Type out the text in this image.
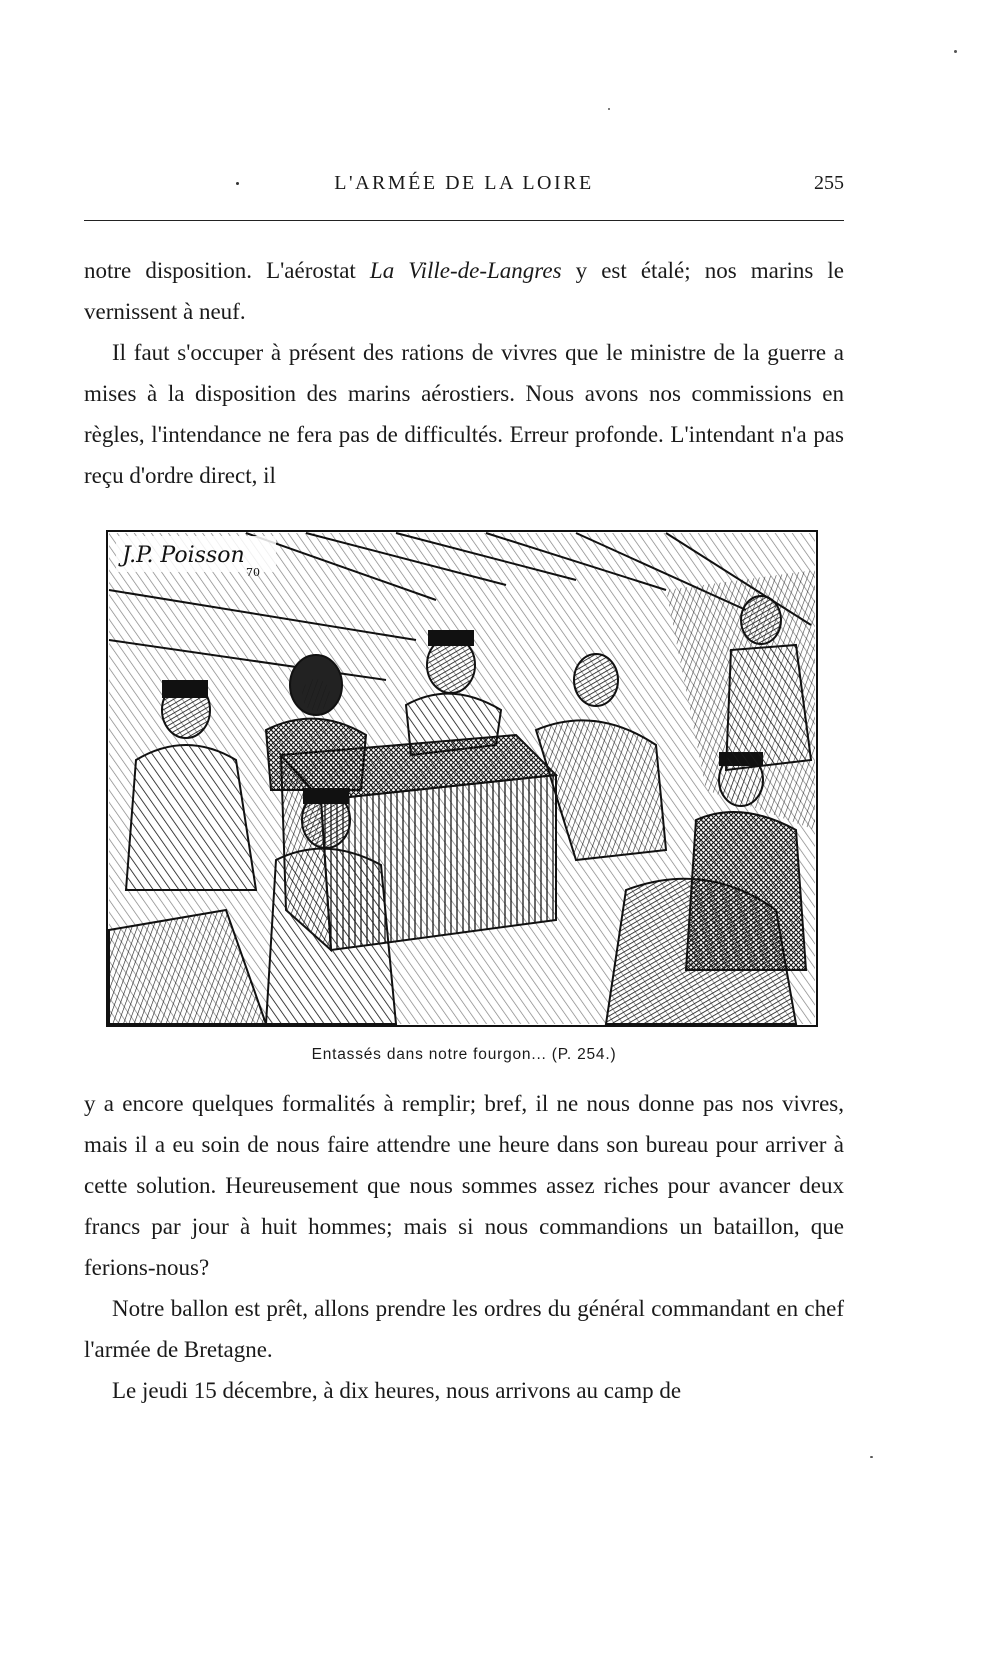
L'ARMÉE DE LA LOIRE	255

notre disposition. L'aérostat La Ville-de-Langres y est étalé; nos marins le vernissent à neuf.

Il faut s'occuper à présent des rations de vivres que le ministre de la guerre a mises à la disposition des marins aérostiers. Nous avons nos commissions en règles, l'intendance ne fera pas de difficultés. Erreur profonde. L'intendant n'a pas reçu d'ordre direct, il

J.P. Poisson
70
Entassés dans notre fourgon... (P. 254.)

y a encore quelques formalités à remplir; bref, il ne nous donne pas nos vivres, mais il a eu soin de nous faire attendre une heure dans son bureau pour arriver à cette solution. Heureusement que nous sommes assez riches pour avancer deux francs par jour à huit hommes; mais si nous commandions un bataillon, que ferions-nous?

Notre ballon est prêt, allons prendre les ordres du général commandant en chef l'armée de Bretagne.

Le jeudi 15 décembre, à dix heures, nous arrivons au camp de
